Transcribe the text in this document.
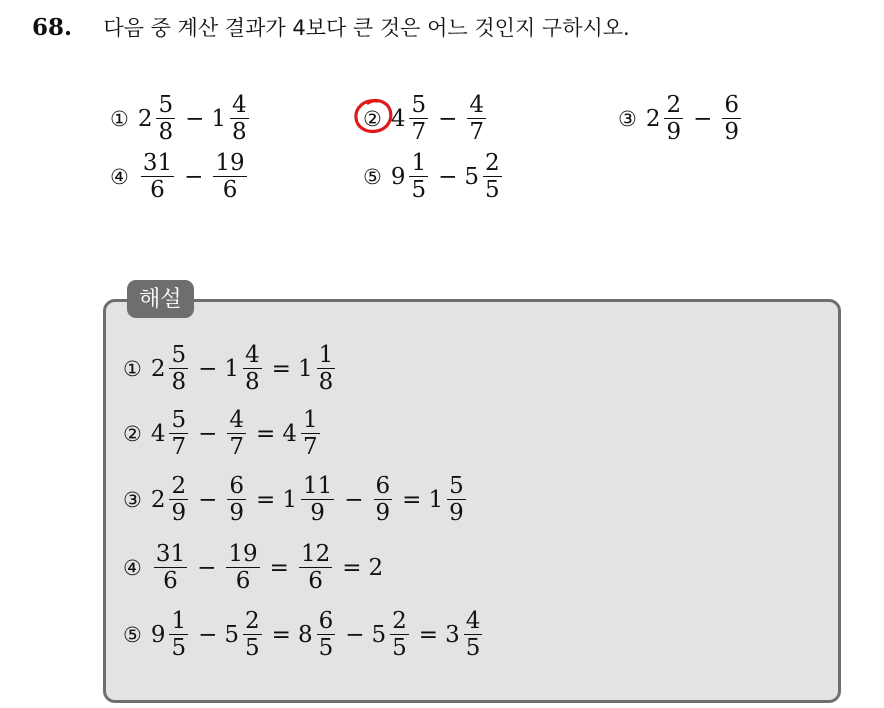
68. 다음 중 계산 결과가 4보다 큰 것은 어느 것인지 구하시오.
① $2 \frac{5}{8} - 1 \frac{4}{8}$	② $4 \frac{5}{7} - \frac{4}{7}$	③ $2 \frac{2}{9} - \frac{6}{9}$
④ $\frac{31}{6} - \frac{19}{6}$	⑤ $9 \frac{1}{5} - 5 \frac{2}{5}$
해설
① $2 \frac{5}{8} - 1 \frac{4}{8} = 1 \frac{1}{8}$
② $4 \frac{5}{7} - \frac{4}{7} = 4 \frac{1}{7}$
③ $2 \frac{2}{9} - \frac{6}{9} = 1 \frac{11}{9} - \frac{6}{9} = 1 \frac{5}{9}$
④ $\frac{31}{6} - \frac{19}{6} = \frac{12}{6} = 2$
⑤ $9 \frac{1}{5} - 5 \frac{2}{5} = 8 \frac{6}{5} - 5 \frac{2}{5} = 3 \frac{4}{5}$
